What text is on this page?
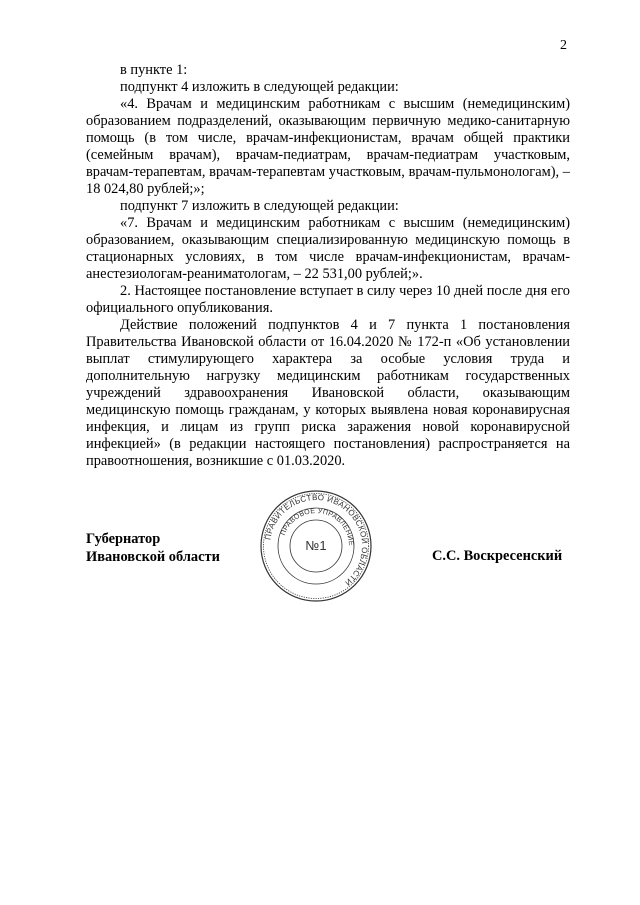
2

в пункте 1:

подпункт 4 изложить в следующей редакции:

«4. Врачам и медицинским работникам с высшим (немедицинским) образованием подразделений, оказывающим первичную медико-санитарную помощь (в том числе, врачам-инфекционистам, врачам общей практики (семейным врачам), врачам-педиатрам, врачам-педиатрам участковым, врачам-терапевтам, врачам-терапевтам участковым, врачам-пульмонологам), – 18 024,80 рублей;»;

подпункт 7 изложить в следующей редакции:

«7. Врачам и медицинским работникам с высшим (немедицинским) образованием, оказывающим специализированную медицинскую помощь в стационарных условиях, в том числе врачам-инфекционистам, врачам-анестезиологам-реаниматологам, – 22 531,00 рублей;».

2. Настоящее постановление вступает в силу через 10 дней после дня его официального опубликования.

Действие положений подпунктов 4 и 7 пункта 1 постановления Правительства Ивановской области от 16.04.2020 № 172-п «Об установлении выплат стимулирующего характера за особые условия труда и дополнительную нагрузку медицинским работникам государственных учреждений здравоохранения Ивановской области, оказывающим медицинскую помощь гражданам, у которых выявлена новая коронавирусная инфекция, и лицам из групп риска заражения новой коронавирусной инфекцией» (в редакции настоящего постановления) распространяется на правоотношения, возникшие с 01.03.2020.

Губернатор
Ивановской области	С.С. Воскресенский
ПРАВИТЕЛЬСТВО ИВАНОВСКОЙ ОБЛАСТИ
ПРАВОВОЕ УПРАВЛЕНИЕ
№1
